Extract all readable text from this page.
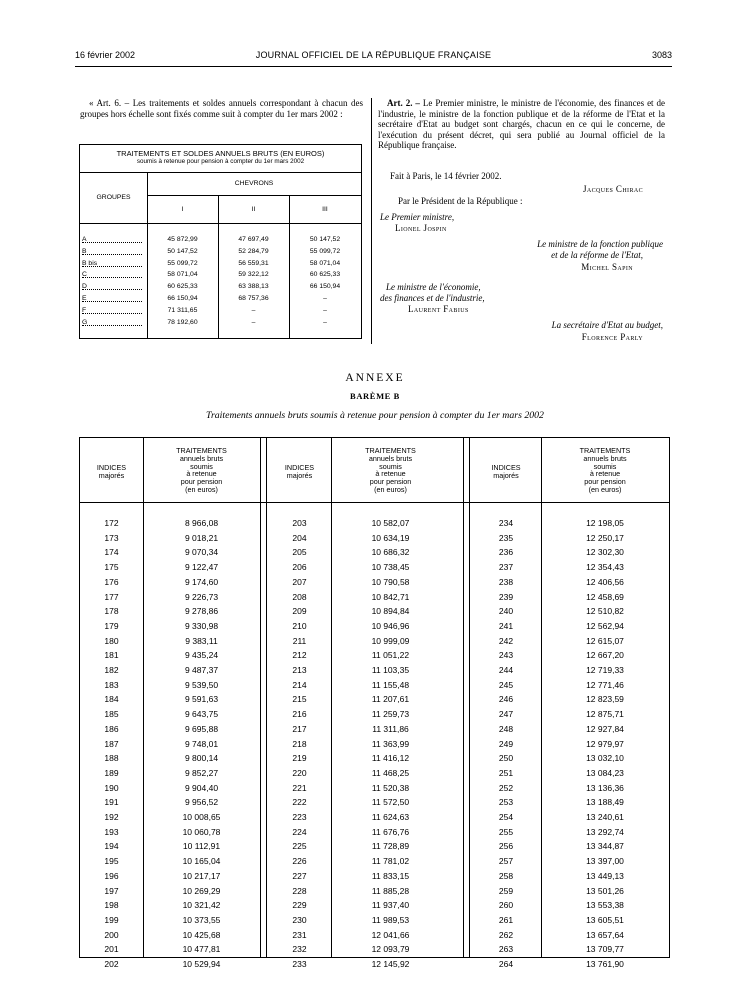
16 février 2002	JOURNAL OFFICIEL DE LA RÉPUBLIQUE FRANÇAISE	3083

« Art. 6. – Les traitements et soldes annuels correspondant à chacun des groupes hors échelle sont fixés comme suit à compter du 1er mars 2002 :

TRAITEMENTS ET SOLDES ANNUELS BRUTS (EN EUROS)
soumis à retenue pour pension à compter du 1er mars 2002
GROUPES
CHEVRONS
I	II	III
A	45 872,99	47 697,49	50 147,52
B	50 147,52	52 284,79	55 099,72
B bis	55 099,72	56 559,31	58 071,04
C	58 071,04	59 322,12	60 625,33
D	60 625,33	63 388,13	66 150,94
E	66 150,94	68 757,36	–
F	71 311,65	–	–
G	78 192,60	–	–

Art. 2. – Le Premier ministre, le ministre de l'économie, des finances et de l'industrie, le ministre de la fonction publique et de la réforme de l'Etat et la secrétaire d'Etat au budget sont chargés, chacun en ce qui le concerne, de l'exécution du présent décret, qui sera publié au Journal officiel de la République française.

Fait à Paris, le 14 février 2002.
Jacques Chirac
Par le Président de la République :
Le Premier ministre,
Lionel Jospin
Le ministre de la fonction publique
et de la réforme de l'Etat,
Michel Sapin
Le ministre de l'économie,
des finances et de l'industrie,
Laurent Fabius
La secrétaire d'Etat au budget,
Florence Parly
ANNEXE
BARÈME B
Traitements annuels bruts soumis à retenue pour pension à compter du 1er mars 2002
INDICES
majorés
TRAITEMENTS
annuels bruts
soumis
à retenue
pour pension
(en euros)
172	8 966,08
173	9 018,21
174	9 070,34
175	9 122,47
176	9 174,60
177	9 226,73
178	9 278,86
179	9 330,98
180	9 383,11
181	9 435,24
182	9 487,37
183	9 539,50
184	9 591,63
185	9 643,75
186	9 695,88
187	9 748,01
188	9 800,14
189	9 852,27
190	9 904,40
191	9 956,52
192	10 008,65
193	10 060,78
194	10 112,91
195	10 165,04
196	10 217,17
197	10 269,29
198	10 321,42
199	10 373,55
200	10 425,68
201	10 477,81
202	10 529,94
INDICES
majorés
TRAITEMENTS
annuels bruts
soumis
à retenue
pour pension
(en euros)
203	10 582,07
204	10 634,19
205	10 686,32
206	10 738,45
207	10 790,58
208	10 842,71
209	10 894,84
210	10 946,96
211	10 999,09
212	11 051,22
213	11 103,35
214	11 155,48
215	11 207,61
216	11 259,73
217	11 311,86
218	11 363,99
219	11 416,12
220	11 468,25
221	11 520,38
222	11 572,50
223	11 624,63
224	11 676,76
225	11 728,89
226	11 781,02
227	11 833,15
228	11 885,28
229	11 937,40
230	11 989,53
231	12 041,66
232	12 093,79
233	12 145,92
INDICES
majorés
TRAITEMENTS
annuels bruts
soumis
à retenue
pour pension
(en euros)
234	12 198,05
235	12 250,17
236	12 302,30
237	12 354,43
238	12 406,56
239	12 458,69
240	12 510,82
241	12 562,94
242	12 615,07
243	12 667,20
244	12 719,33
245	12 771,46
246	12 823,59
247	12 875,71
248	12 927,84
249	12 979,97
250	13 032,10
251	13 084,23
252	13 136,36
253	13 188,49
254	13 240,61
255	13 292,74
256	13 344,87
257	13 397,00
258	13 449,13
259	13 501,26
260	13 553,38
261	13 605,51
262	13 657,64
263	13 709,77
264	13 761,90
